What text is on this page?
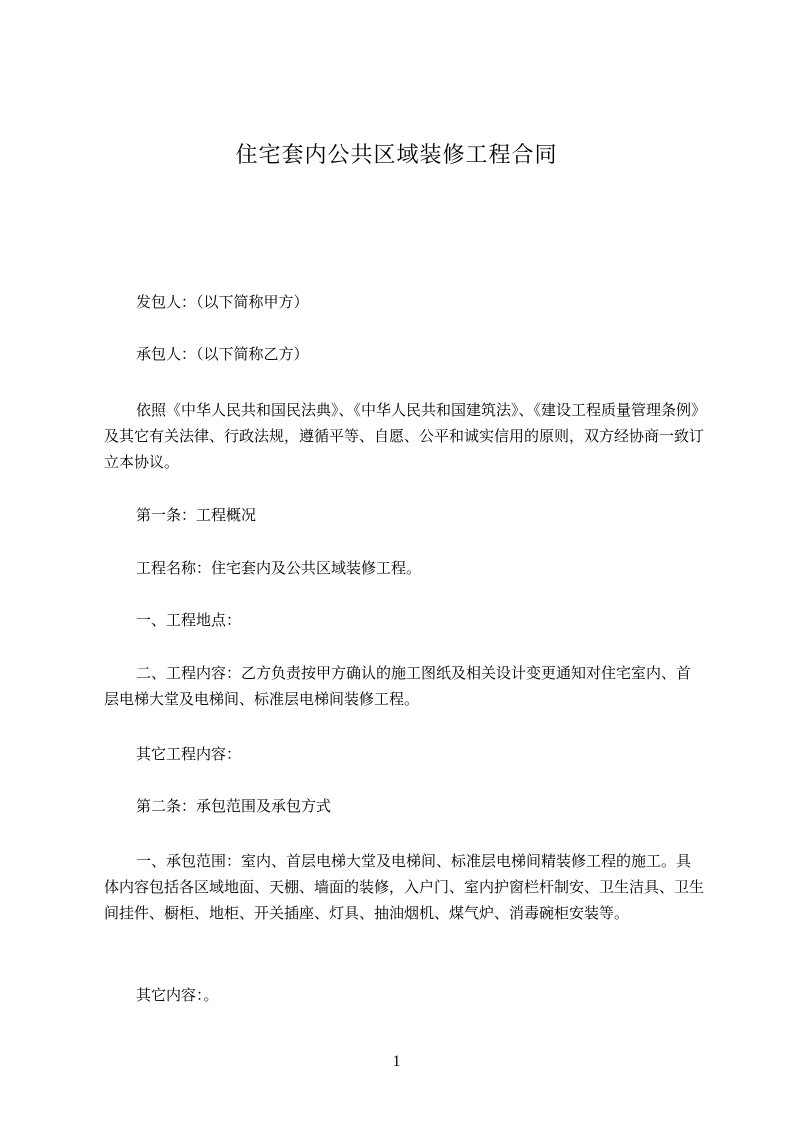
住宅套内公共区域装修工程合同
发包人：（以下简称甲方）
承包人：（以下简称乙方）
依照《中华人民共和国民法典》、《中华人民共和国建筑法》、《建设工程质量管理条例》及其它有关法律、行政法规，遵循平等、自愿、公平和诚实信用的原则，双方经协商一致订立本协议。
第一条：工程概况
工程名称：住宅套内及公共区域装修工程。
一、工程地点：
二、工程内容：乙方负责按甲方确认的施工图纸及相关设计变更通知对住宅室内、首层电梯大堂及电梯间、标准层电梯间装修工程。
其它工程内容：
第二条：承包范围及承包方式
一、承包范围：室内、首层电梯大堂及电梯间、标准层电梯间精装修工程的施工。具体内容包括各区域地面、天棚、墙面的装修，入户门、室内护窗栏杆制安、卫生洁具、卫生间挂件、橱柜、地柜、开关插座、灯具、抽油烟机、煤气炉、消毒碗柜安装等。
其它内容：。
1
